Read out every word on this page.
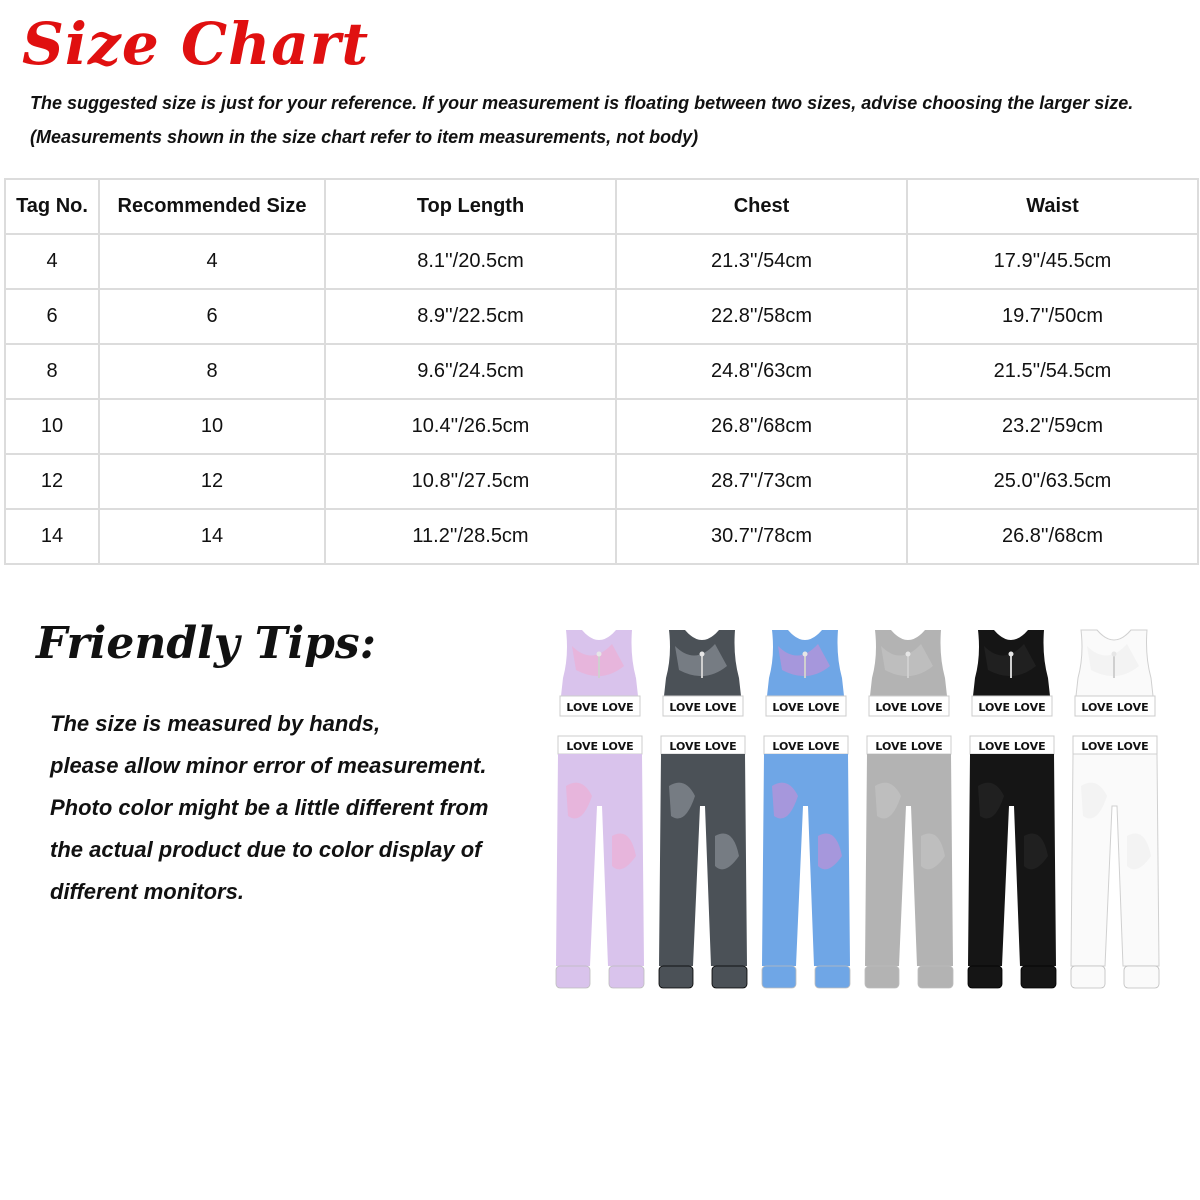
Size Chart
The suggested size is just for your reference. If your measurement is floating between two sizes, advise choosing the larger size.
(Measurements shown in the size chart refer to item measurements, not body)
Tag No.	Recommended Size	Top Length	Chest	Waist
4	4	8.1''/20.5cm	21.3''/54cm	17.9''/45.5cm
6	6	8.9''/22.5cm	22.8''/58cm	19.7''/50cm
8	8	9.6''/24.5cm	24.8''/63cm	21.5''/54.5cm
10	10	10.4''/26.5cm	26.8''/68cm	23.2''/59cm
12	12	10.8''/27.5cm	28.7''/73cm	25.0''/63.5cm
14	14	11.2''/28.5cm	30.7''/78cm	26.8''/68cm
Friendly Tips:
The size is measured by hands,
please allow minor error of measurement.
Photo color might be a little different from
the actual product due to color display of
different monitors.
LOVE LOVE
LOVE LOVE
LOVE LOVE
LOVE LOVE
LOVE LOVE
LOVE LOVE
LOVE LOVE
LOVE LOVE
LOVE LOVE
LOVE LOVE
LOVE LOVE
LOVE LOVE
